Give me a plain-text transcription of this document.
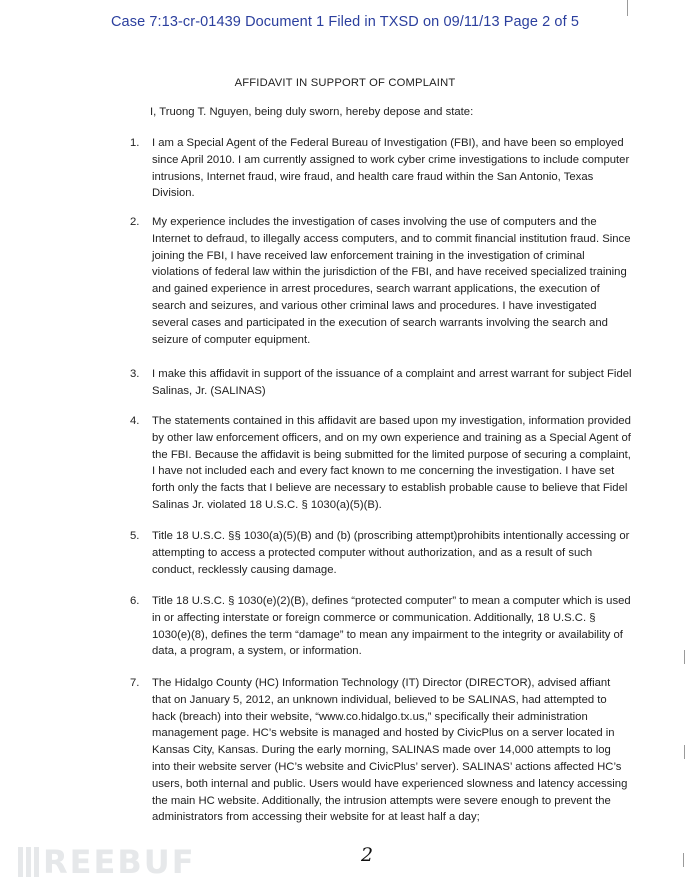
Case 7:13-cr-01439 Document 1 Filed in TXSD on 09/11/13 Page 2 of 5
AFFIDAVIT IN SUPPORT OF COMPLAINT
I, Truong T. Nguyen, being duly sworn, hereby depose and state:
1.	I am a Special Agent of the Federal Bureau of Investigation (FBI), and have been so employed since April 2010. I am currently assigned to work cyber crime investigations to include computer intrusions, Internet fraud, wire fraud, and health care fraud within the San Antonio, Texas Division.
2.	My experience includes the investigation of cases involving the use of computers and the Internet to defraud, to illegally access computers, and to commit financial institution fraud. Since joining the FBI, I have received law enforcement training in the investigation of criminal violations of federal law within the jurisdiction of the FBI, and have received specialized training and gained experience in arrest procedures, search warrant applications, the execution of search and seizures, and various other criminal laws and procedures. I have investigated several cases and participated in the execution of search warrants involving the search and seizure of computer equipment.
3.	I make this affidavit in support of the issuance of a complaint and arrest warrant for subject Fidel Salinas, Jr. (SALINAS)
4.	The statements contained in this affidavit are based upon my investigation, information provided by other law enforcement officers, and on my own experience and training as a Special Agent of the FBI. Because the affidavit is being submitted for the limited purpose of securing a complaint, I have not included each and every fact known to me concerning the investigation. I have set forth only the facts that I believe are necessary to establish probable cause to believe that Fidel Salinas Jr. violated 18 U.S.C. § 1030(a)(5)(B).
5.	Title 18 U.S.C. §§ 1030(a)(5)(B) and (b) (proscribing attempt)prohibits intentionally accessing or attempting to access a protected computer without authorization, and as a result of such conduct, recklessly causing damage.
6.	Title 18 U.S.C. § 1030(e)(2)(B), defines “protected computer” to mean a computer which is used in or affecting interstate or foreign commerce or communication. Additionally, 18 U.S.C. § 1030(e)(8), defines the term “damage” to mean any impairment to the integrity or availability of data, a program, a system, or information.
7.	The Hidalgo County (HC) Information Technology (IT) Director (DIRECTOR), advised affiant that on January 5, 2012, an unknown individual, believed to be SALINAS, had attempted to hack (breach) into their website, “www.co.hidalgo.tx.us,” specifically their administration management page. HC’s website is managed and hosted by CivicPlus on a server located in Kansas City, Kansas. During the early morning, SALINAS made over 14,000 attempts to log into their website server (HC’s website and CivicPlus’ server). SALINAS’ actions affected HC’s users, both internal and public. Users would have experienced slowness and latency accessing the main HC website. Additionally, the intrusion attempts were severe enough to prevent the administrators from accessing their website for at least half a day;
REEBUF	2
